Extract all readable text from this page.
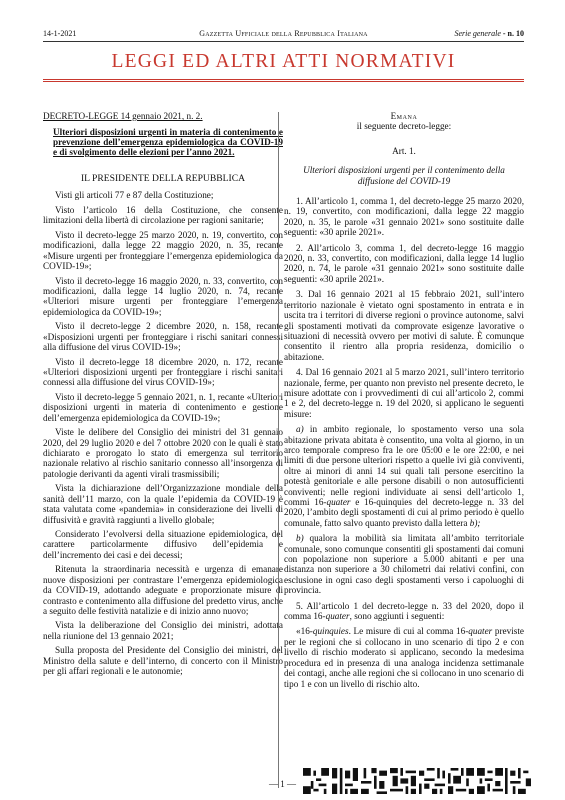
14-1-2021	Gazzetta Ufficiale della Repubblica Italiana	Serie generale - n. 10
LEGGI ED ALTRI ATTI NORMATIVI
DECRETO-LEGGE 14 gennaio 2021, n. 2.
Ulteriori disposizioni urgenti in materia di contenimento e prevenzione dell’emergenza epidemiologica da COVID-19 e di svolgimento delle elezioni per l’anno 2021.
IL PRESIDENTE DELLA REPUBBLICA

Visti gli articoli 77 e 87 della Costituzione;

Visto l’articolo 16 della Costituzione, che consente limitazioni della libertà di circolazione per ragioni sanitarie;

Visto il decreto-legge 25 marzo 2020, n. 19, convertito, con modificazioni, dalla legge 22 maggio 2020, n. 35, recante «Misure urgenti per fronteggiare l’emergenza epidemiologica da COVID-19»;

Visto il decreto-legge 16 maggio 2020, n. 33, convertito, con modificazioni, dalla legge 14 luglio 2020, n. 74, recante «Ulteriori misure urgenti per fronteggiare l’emergenza epidemiologica da COVID-19»;

Visto il decreto-legge 2 dicembre 2020, n. 158, recante «Disposizioni urgenti per fronteggiare i rischi sanitari connessi alla diffusione del virus COVID-19»;

Visto il decreto-legge 18 dicembre 2020, n. 172, recante «Ulteriori disposizioni urgenti per fronteggiare i rischi sanitari connessi alla diffusione del virus COVID-19»;

Visto il decreto-legge 5 gennaio 2021, n. 1, recante «Ulteriori disposizioni urgenti in materia di contenimento e gestione dell’emergenza epidemiologica da COVID-19»;

Viste le delibere del Consiglio dei ministri del 31 gennaio 2020, del 29 luglio 2020 e del 7 ottobre 2020 con le quali è stato dichiarato e prorogato lo stato di emergenza sul territorio nazionale relativo al rischio sanitario connesso all’insorgenza di patologie derivanti da agenti virali trasmissibili;

Vista la dichiarazione dell’Organizzazione mondiale della sanità dell’11 marzo, con la quale l’epidemia da COVID-19 è stata valutata come «pandemia» in considerazione dei livelli di diffusività e gravità raggiunti a livello globale;

Considerato l’evolversi della situazione epidemiologica, del carattere particolarmente diffusivo dell’epidemia e dell’incremento dei casi e dei decessi;

Ritenuta la straordinaria necessità e urgenza di emanare nuove disposizioni per contrastare l’emergenza epidemiologica da COVID-19, adottando adeguate e proporzionate misure di contrasto e contenimento alla diffusione del predetto virus, anche a seguito delle festività natalizie e di inizio anno nuovo;

Vista la deliberazione del Consiglio dei ministri, adottata nella riunione del 13 gennaio 2021;

Sulla proposta del Presidente del Consiglio dei ministri, del Ministro della salute e dell’interno, di concerto con il Ministro per gli affari regionali e le autonomie;

Emana
il seguente decreto-legge:
Art. 1.
Ulteriori disposizioni urgenti per il contenimento della diffusione del COVID-19

1. All’articolo 1, comma 1, del decreto-legge 25 marzo 2020, n. 19, convertito, con modificazioni, dalla legge 22 maggio 2020, n. 35, le parole «31 gennaio 2021» sono sostituite dalle seguenti: «30 aprile 2021».

2. All’articolo 3, comma 1, del decreto-legge 16 maggio 2020, n. 33, convertito, con modificazioni, dalla legge 14 luglio 2020, n. 74, le parole «31 gennaio 2021» sono sostituite dalle seguenti: «30 aprile 2021».

3. Dal 16 gennaio 2021 al 15 febbraio 2021, sull’intero territorio nazionale è vietato ogni spostamento in entrata e in uscita tra i territori di diverse regioni o province autonome, salvi gli spostamenti motivati da comprovate esigenze lavorative o situazioni di necessità ovvero per motivi di salute. È comunque consentito il rientro alla propria residenza, domicilio o abitazione.

4. Dal 16 gennaio 2021 al 5 marzo 2021, sull’intero territorio nazionale, ferme, per quanto non previsto nel presente decreto, le misure adottate con i provvedimenti di cui all’articolo 2, commi 1 e 2, del decreto-legge n. 19 del 2020, si applicano le seguenti misure:

a) in ambito regionale, lo spostamento verso una sola abitazione privata abitata è consentito, una volta al giorno, in un arco temporale compreso fra le ore 05:00 e le ore 22:00, e nei limiti di due persone ulteriori rispetto a quelle ivi già conviventi, oltre ai minori di anni 14 sui quali tali persone esercitino la potestà genitoriale e alle persone disabili o non autosufficienti conviventi; nelle regioni individuate ai sensi dell’articolo 1, commi 16-quater e 16-quinquies del decreto-legge n. 33 del 2020, l’ambito degli spostamenti di cui al primo periodo è quello comunale, fatto salvo quanto previsto dalla lettera b);

b) qualora la mobilità sia limitata all’ambito territoriale comunale, sono comunque consentiti gli spostamenti dai comuni con popolazione non superiore a 5.000 abitanti e per una distanza non superiore a 30 chilometri dai relativi confini, con esclusione in ogni caso degli spostamenti verso i capoluoghi di provincia.

5. All’articolo 1 del decreto-legge n. 33 del 2020, dopo il comma 16-quater, sono aggiunti i seguenti:

«16-quinquies. Le misure di cui al comma 16-quater previste per le regioni che si collocano in uno scenario di tipo 2 e con livello di rischio moderato si applicano, secondo la medesima procedura ed in presenza di una analoga incidenza settimanale dei contagi, anche alle regioni che si collocano in uno scenario di tipo 1 e con un livello di rischio alto.

— 1 —
